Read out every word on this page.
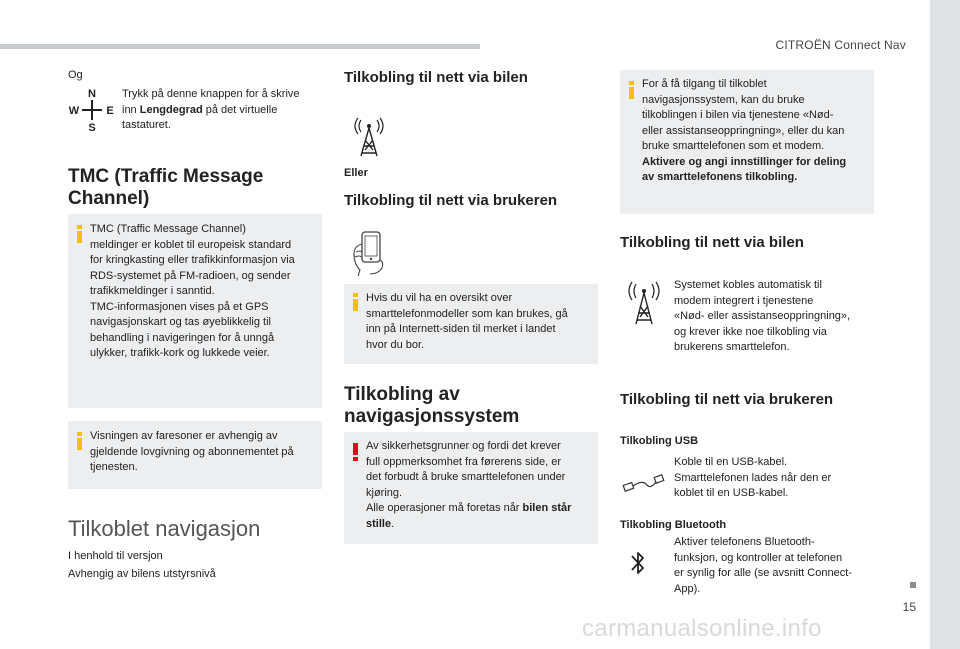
CITROËN Connect Nav
15
carmanualsonline.info
Og
N
S
W E
Trykk på denne knappen for å skrive
inn Lengdegrad på det virtuelle
tastaturet.
TMC (Traffic Message
Channel)
TMC (Traffic Message Channel)
meldinger er koblet til europeisk standard
for kringkasting eller trafikkinformasjon via
RDS-systemet på FM-radioen, og sender
trafikkmeldinger i sanntid.
TMC-informasjonen vises på et GPS
navigasjonskart og tas øyeblikkelig til
behandling i navigeringen for å unngå
ulykker, trafikk-kork og lukkede veier.
Visningen av faresoner er avhengig av
gjeldende lovgivning og abonnementet på
tjenesten.
Tilkoblet navigasjon
I henhold til versjon
Avhengig av bilens utstyrsnivå
Tilkobling til nett via bilen
Eller
Tilkobling til nett via brukeren
Hvis du vil ha en oversikt over
smarttelefonmodeller som kan brukes, gå
inn på Internett-siden til merket i landet
hvor du bor.
Tilkobling av
navigasjonssystem
Av sikkerhetsgrunner og fordi det krever
full oppmerksomhet fra førerens side, er
det forbudt å bruke smarttelefonen under
kjøring.
Alle operasjoner må foretas når bilen står
stille.
For å få tilgang til tilkoblet
navigasjonssystem, kan du bruke
tilkoblingen i bilen via tjenestene «Nød-
eller assistanseoppringning», eller du kan
bruke smarttelefonen som et modem.
Aktivere og angi innstillinger for deling
av smarttelefonens tilkobling.
Tilkobling til nett via bilen
Systemet kobles automatisk til
modem integrert i tjenestene
«Nød- eller assistanseoppringning»,
og krever ikke noe tilkobling via
brukerens smarttelefon.
Tilkobling til nett via brukeren
Tilkobling USB
Koble til en USB-kabel.
Smarttelefonen lades når den er
koblet til en USB-kabel.
Tilkobling Bluetooth
Aktiver telefonens Bluetooth-
funksjon, og kontroller at telefonen
er synlig for alle (se avsnitt Connect-
App).
